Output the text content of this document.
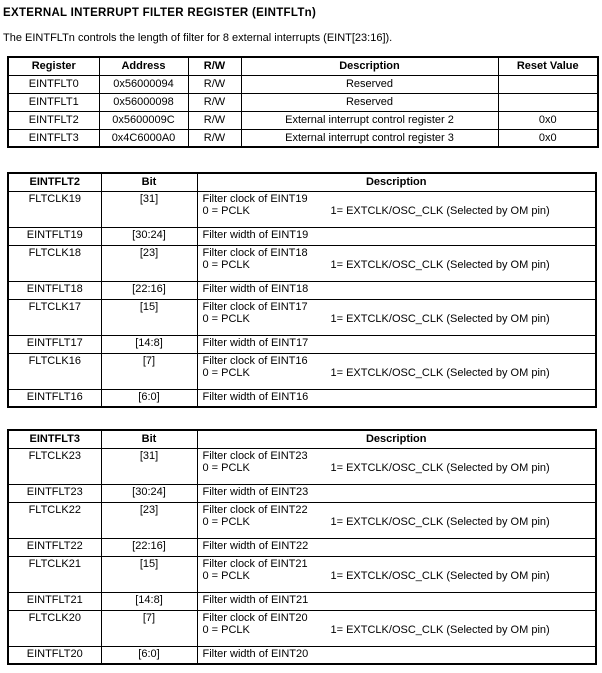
EXTERNAL INTERRUPT FILTER REGISTER (EINTFLTn)

The EINTFLTn controls the length of filter for 8 external interrupts (EINT[23:16]).

Register	Address	R/W	Description	Reset Value
EINTFLT0	0x56000094	R/W	Reserved	
EINTFLT1	0x56000098	R/W	Reserved	
EINTFLT2	0x5600009C	R/W	External interrupt control register 2	0x0
EINTFLT3	0x4C6000A0	R/W	External interrupt control register 3	0x0
EINTFLT2	Bit	Description
FLTCLK19	[31]	Filter clock of EINT19
0 = PCLK 1= EXTCLK/OSC_CLK (Selected by OM pin)

EINTFLT19	[30:24]	Filter width of EINT19
FLTCLK18	[23]	Filter clock of EINT18
0 = PCLK 1= EXTCLK/OSC_CLK (Selected by OM pin)

EINTFLT18	[22:16]	Filter width of EINT18
FLTCLK17	[15]	Filter clock of EINT17
0 = PCLK 1= EXTCLK/OSC_CLK (Selected by OM pin)

EINTFLT17	[14:8]	Filter width of EINT17
FLTCLK16	[7]	Filter clock of EINT16
0 = PCLK 1= EXTCLK/OSC_CLK (Selected by OM pin)

EINTFLT16	[6:0]	Filter width of EINT16
EINTFLT3	Bit	Description
FLTCLK23	[31]	Filter clock of EINT23
0 = PCLK 1= EXTCLK/OSC_CLK (Selected by OM pin)

EINTFLT23	[30:24]	Filter width of EINT23
FLTCLK22	[23]	Filter clock of EINT22
0 = PCLK 1= EXTCLK/OSC_CLK (Selected by OM pin)

EINTFLT22	[22:16]	Filter width of EINT22
FLTCLK21	[15]	Filter clock of EINT21
0 = PCLK 1= EXTCLK/OSC_CLK (Selected by OM pin)

EINTFLT21	[14:8]	Filter width of EINT21
FLTCLK20	[7]	Filter clock of EINT20
0 = PCLK 1= EXTCLK/OSC_CLK (Selected by OM pin)

EINTFLT20	[6:0]	Filter width of EINT20
